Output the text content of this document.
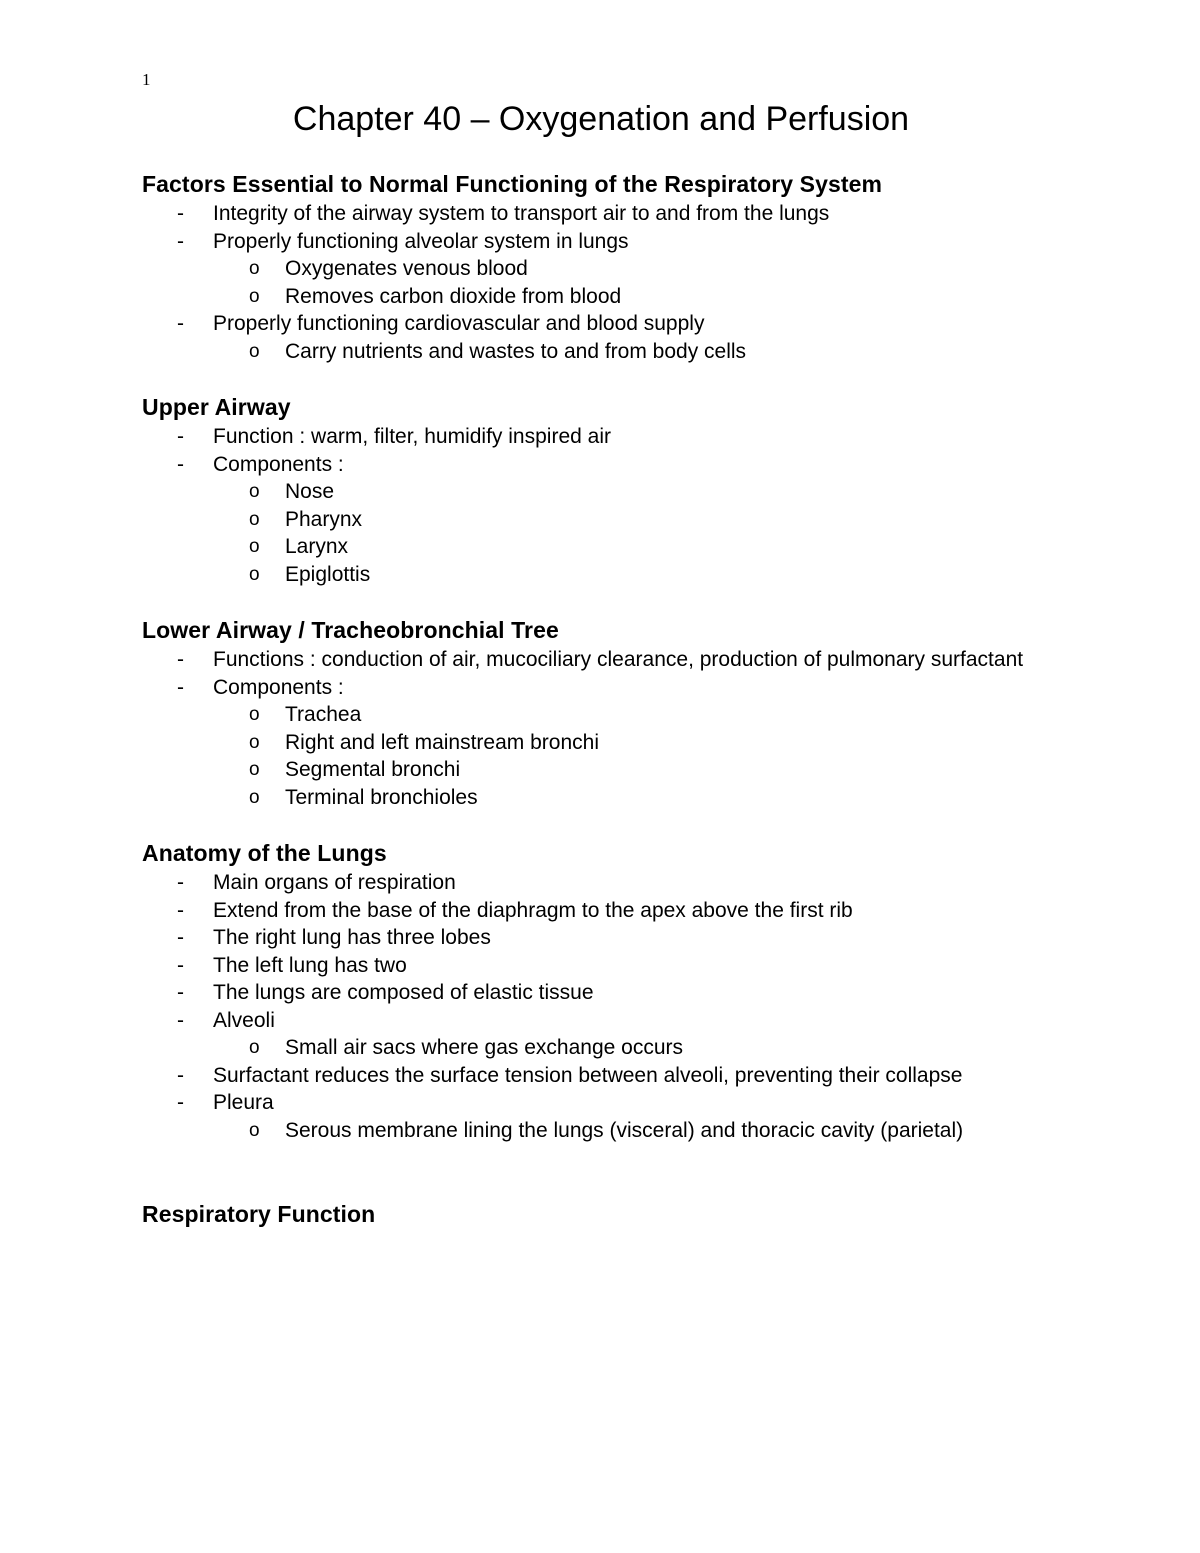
1
Chapter 40 – Oxygenation and Perfusion
Factors Essential to Normal Functioning of the Respiratory System
-	Integrity of the airway system to transport air to and from the lungs
-	Properly functioning alveolar system in lungs
o Oxygenates venous blood
o Removes carbon dioxide from blood
-	Properly functioning cardiovascular and blood supply
o Carry nutrients and wastes to and from body cells
Upper Airway
-	Function : warm, filter, humidify inspired air
-	Components :
o Nose
o Pharynx
o Larynx
o Epiglottis
Lower Airway / Tracheobronchial Tree
-	Functions : conduction of air, mucociliary clearance, production of pulmonary surfactant
-	Components :
o Trachea
o Right and left mainstream bronchi
o Segmental bronchi
o Terminal bronchioles
Anatomy of the Lungs
-	Main organs of respiration
-	Extend from the base of the diaphragm to the apex above the first rib
-	The right lung has three lobes
-	The left lung has two
-	The lungs are composed of elastic tissue
-	Alveoli
o Small air sacs where gas exchange occurs
-	Surfactant reduces the surface tension between alveoli, preventing their collapse
-	Pleura
o Serous membrane lining the lungs (visceral) and thoracic cavity (parietal)
Respiratory Function
